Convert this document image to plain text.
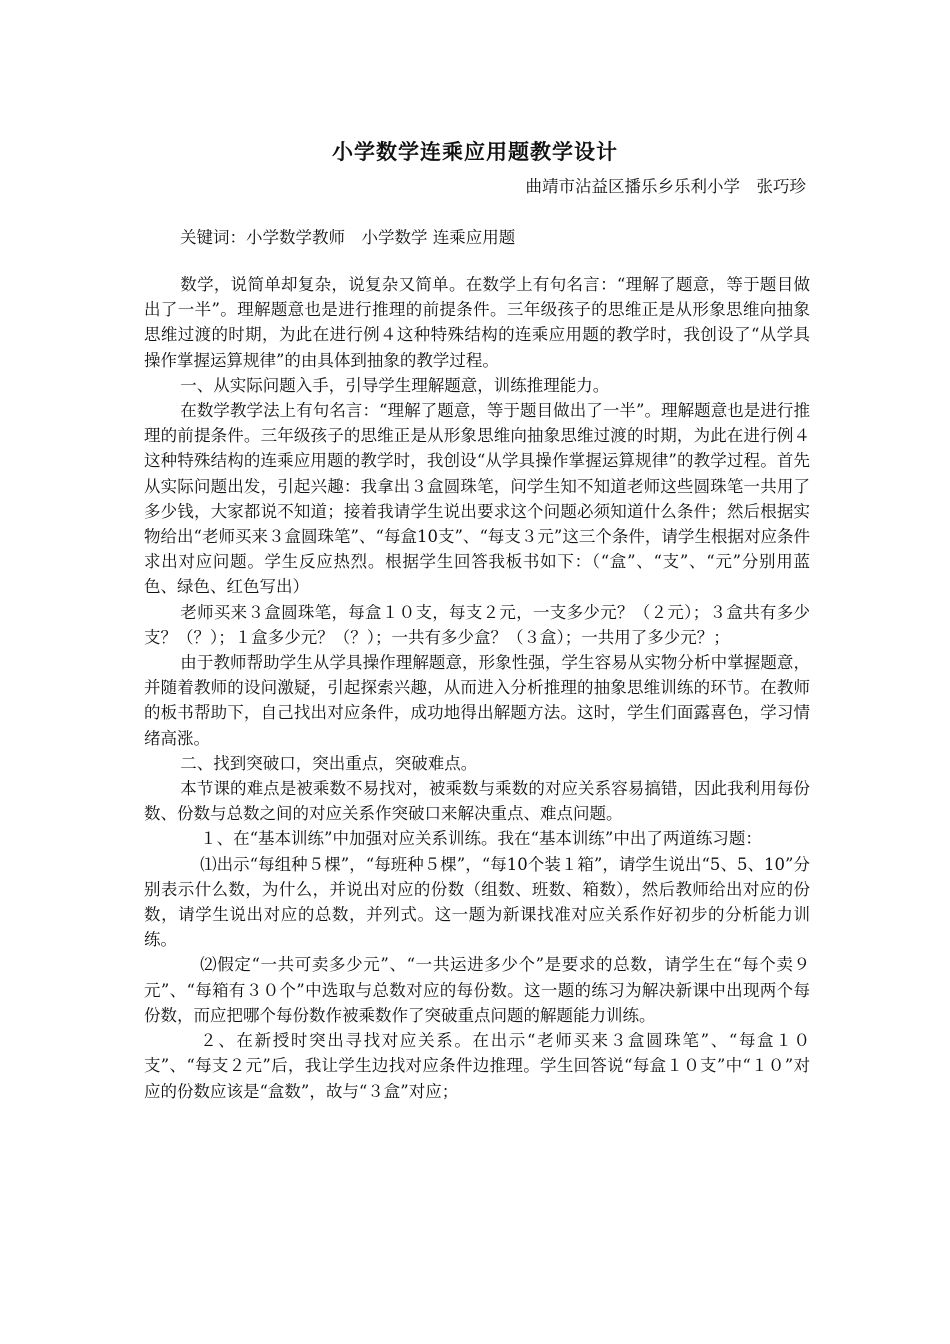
小学数学连乘应用题教学设计
曲靖市沾益区播乐乡乐利小学　张巧珍
关键词：小学数学教师　小学数学 连乘应用题

数学，说简单却复杂，说复杂又简单。在数学上有句名言：“理解了题意，等于题目做出了一半”。理解题意也是进行推理的前提条件。三年级孩子的思维正是从形象思维向抽象思维过渡的时期，为此在进行例４这种特殊结构的连乘应用题的教学时，我创设了“从学具操作掌握运算规律”的由具体到抽象的教学过程。

一、从实际问题入手，引导学生理解题意，训练推理能力。

在数学教学法上有句名言：“理解了题意，等于题目做出了一半”。理解题意也是进行推理的前提条件。三年级孩子的思维正是从形象思维向抽象思维过渡的时期，为此在进行例４这种特殊结构的连乘应用题的教学时，我创设“从学具操作掌握运算规律”的教学过程。首先从实际问题出发，引起兴趣：我拿出３盒圆珠笔，问学生知不知道老师这些圆珠笔一共用了多少钱，大家都说不知道；接着我请学生说出要求这个问题必须知道什么条件；然后根据实物给出“老师买来３盒圆珠笔”、“每盒10支”、“每支３元”这三个条件，请学生根据对应条件求出对应问题。学生反应热烈。根据学生回答我板书如下：（“盒”、“支”、“元”分别用蓝色、绿色、红色写出）

老师买来３盒圆珠笔，每盒１０支，每支２元，一支多少元？（２元）；３盒共有多少支？（？）；１盒多少元？（？）；一共有多少盒？（３盒）；一共用了多少元？；

由于教师帮助学生从学具操作理解题意，形象性强，学生容易从实物分析中掌握题意，并随着教师的设问激疑，引起探索兴趣，从而进入分析推理的抽象思维训练的环节。在教师的板书帮助下，自己找出对应条件，成功地得出解题方法。这时，学生们面露喜色，学习情绪高涨。

二、找到突破口，突出重点，突破难点。

本节课的难点是被乘数不易找对，被乘数与乘数的对应关系容易搞错，因此我利用每份数、份数与总数之间的对应关系作突破口来解决重点、难点问题。

１、在“基本训练”中加强对应关系训练。我在“基本训练”中出了两道练习题：

⑴出示“每组种５棵”，“每班种５棵”，“每10个装１箱”，请学生说出“5、5、10”分别表示什么数，为什么，并说出对应的份数（组数、班数、箱数），然后教师给出对应的份数，请学生说出对应的总数，并列式。这一题为新课找准对应关系作好初步的分析能力训练。

⑵假定“一共可卖多少元”、“一共运进多少个”是要求的总数，请学生在“每个卖９元”、“每箱有３０个”中选取与总数对应的每份数。这一题的练习为解决新课中出现两个每份数，而应把哪个每份数作被乘数作了突破重点问题的解题能力训练。

２、在新授时突出寻找对应关系。在出示“老师买来３盒圆珠笔”、“每盒１０支”、“每支２元”后，我让学生边找对应条件边推理。学生回答说“每盒１０支”中“１０”对应的份数应该是“盒数”，故与“３盒”对应；
